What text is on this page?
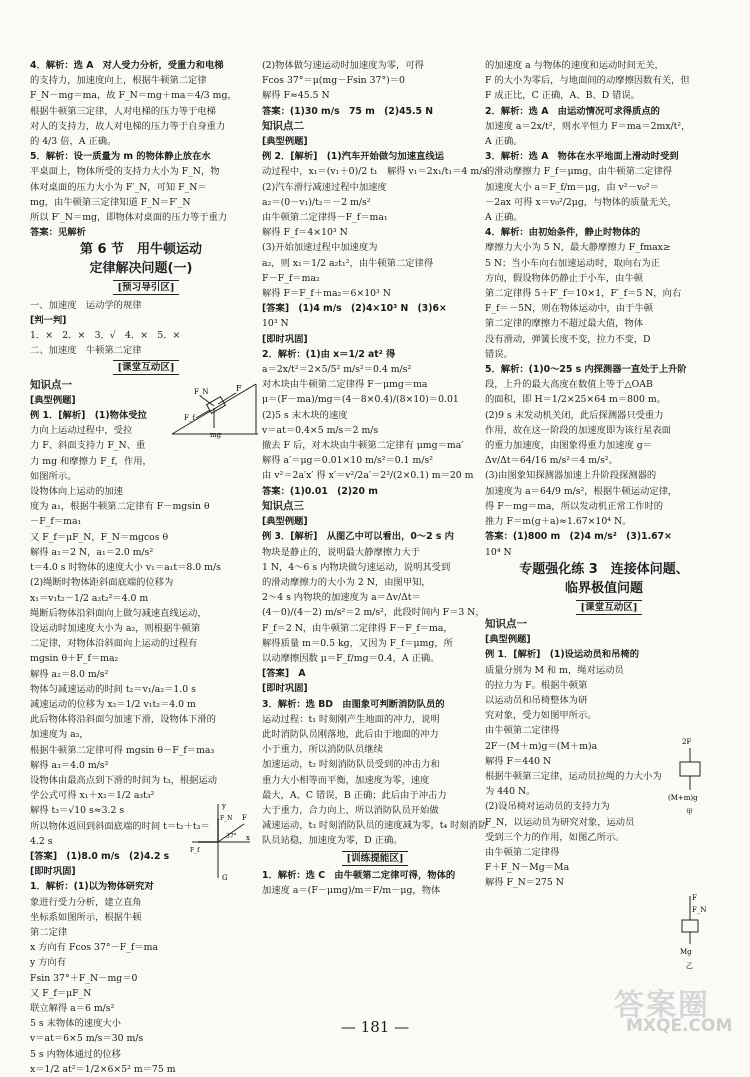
4．解析：选 A　对人受力分析，受重力和电梯
的支持力，加速度向上，根据牛顿第二定律
F_N－mg＝ma，故 F_N＝mg＋ma＝4/3 mg，
根据牛顿第三定律，人对电梯的压力等于电梯
对人的支持力，故人对电梯的压力等于自身重力
的 4/3 倍，A 正确。
5．解析：设一质量为 m 的物体静止放在水
平桌面上，物体所受的支持力大小为 F_N，物
体对桌面的压力大小为 F′_N，可知 F_N＝
mg，由牛顿第三定律知道 F_N＝F′_N
所以 F′_N＝mg，即物体对桌面的压力等于重力
答案：见解析
第 6 节　用牛顿运动
定律解决问题(一)
[预习导引区]
一、加速度　运动学的规律
[判一判]
1．×　2．×　3．√　4．×　5．×
二、加速度　牛顿第二定律
[课堂互动区]
知识点一
[典型例题]
例 1．[解析]　(1)物体受拉
力向上运动过程中，受拉
力 F、斜面支持力 F_N、重
力 mg 和摩擦力 F_f，作用，
如图所示。
设物体向上运动的加速
度为 a₁，根据牛顿第二定律有 F－mgsin θ
－F_f＝ma₁
又 F_f＝μF_N，F_N＝mgcos θ
解得 a₁＝2 N，a₁＝2.0 m/s²
t＝4.0 s 时物体的速度大小 v₁＝a₁t＝8.0 m/s
(2)绳断时物体距斜面底端的位移为
x₁＝v₁t₂－1/2 a₂t₂²＝4.0 m
绳断后物体沿斜面向上做匀减速直线运动，
设运动时加速度大小为 a₂，则根据牛顿第
二定律，对物体沿斜面向上运动的过程有
mgsin θ＋F_f＝ma₂
解得 a₂＝8.0 m/s²
物体匀减速运动的时间 t₂＝v₁/a₂＝1.0 s
减速运动的位移为 x₂＝1/2 v₁t₂＝4.0 m
此后物体将沿斜面匀加速下滑，设物体下滑的
加速度为 a₃，
根据牛顿第二定律可得 mgsin θ－F_f＝ma₃
解得 a₃＝4.0 m/s²
设物体由最高点到下滑的时间为 t₃，根据运动
学公式可得 x₁＋x₂＝1/2 a₃t₃²
解得 t₃＝√10 s≈3.2 s
所以物体返回到斜面底端的时间 t＝t₂＋t₃＝
4.2 s
[答案]　(1)8.0 m/s　(2)4.2 s
[即时巩固]
1．解析：(1)以为物体研究对
象进行受力分析，建立直角
坐标系如图所示，根据牛顿
第二定律
x 方向有 Fcos 37°－F_f＝ma
y 方向有
Fsin 37°＋F_N－mg＝0
又 F_f＝μF_N
联立解得 a＝6 m/s²
5 s 末物体的速度大小
v＝at＝6×5 m/s＝30 m/s
5 s 内物体通过的位移
x＝1/2 at²＝1/2×6×5² m＝75 m
(2)物体做匀速运动时加速度为零，可得
Fcos 37°＝μ(mg－Fsin 37°)＝0
解得 F≈45.5 N
答案：(1)30 m/s　75 m　(2)45.5 N
知识点二
[典型例题]
例 2．[解析]　(1)汽车开始做匀加速直线运
动过程中，x₁＝(v₁＋0)/2 t₁　解得 v₁＝2x₁/t₁＝4 m/s
(2)汽车滑行减速过程中加速度
a₂＝(0－v₁)/t₂＝－2 m/s²
由牛顿第二定律得－F_f＝ma₁
解得 F_f＝4×10³ N
(3)开始加速过程中加速度为
a₂，则 x₁＝1/2 a₂t₁²，由牛顿第二定律得
F－F_f＝ma₂
解得 F＝F_f＋ma₂＝6×10³ N
[答案]　(1)4 m/s　(2)4×10³ N　(3)6×
10³ N
[即时巩固]
2．解析：(1)由 x＝1/2 at² 得
a＝2x/t²＝2×5/5² m/s²＝0.4 m/s²
对木块由牛顿第二定律得 F－μmg＝ma
μ＝(F－ma)/mg＝(4－8×0.4)/(8×10)＝0.01
(2)5 s 末木块的速度
v＝at＝0.4×5 m/s＝2 m/s
撤去 F 后，对木块由牛顿第二定律有 μmg＝ma′
解得 a′＝μg＝0.01×10 m/s²＝0.1 m/s²
由 v²＝2a′x′ 得 x′＝v²/2a′＝2²/(2×0.1) m＝20 m
答案：(1)0.01　(2)20 m
知识点三
[典型例题]
例 3．[解析]　从图乙中可以看出，0～2 s 内
物块是静止的，说明最大静摩擦力大于
1 N，4～6 s 内物块做匀速运动，说明其受到
的滑动摩擦力的大小为 2 N，由图甲知，
2～4 s 内物块的加速度为 a＝Δv/Δt＝
(4－0)/(4－2) m/s²＝2 m/s²，此段时间内 F＝3 N，
F_f＝2 N，由牛顿第二定律得 F－F_f＝ma，
解得质量 m＝0.5 kg，又因为 F_f＝μmg，所
以动摩擦因数 μ＝F_f/mg＝0.4，A 正确。
[答案]　A
[即时巩固]
3．解析：选 BD　由图象可判断消防队员的
运动过程：t₁ 时刻刚产生地面的冲力，说明
此时消防队员刚落地，此后由于地面的冲力
小于重力，所以消防队员继续
加速运动，t₂ 时刻消防队员受到的冲击力和
重力大小相等而平衡，加速度为零，速度
最大，A、C 错误，B 正确；此后由于冲击力
大于重力，合力向上，所以消防队员开始做
减速运动，t₃ 时刻消防队员的速度减为零，t₄ 时刻消防
队员站稳，加速度为零，D 正确。
[训练提能区]
1．解析：选 C　由牛顿第二定律可得，物体的
加速度 a＝(F－μmg)/m＝F/m－μg，物体
的加速度 a 与物体的速度和运动时间无关，
F 的大小为零后，与地面间的动摩擦因数有关，但
F 成正比，C 正确，A、B、D 错误。
2．解析：选 A　由运动情况可求得质点的
加速度 a＝2x/t²，则水平恒力 F＝ma＝2mx/t²，
A 正确。
3．解析：选 A　物体在水平地面上滑动时受到
的滑动摩擦力 F_f＝μmg，由牛顿第二定律得
加速度大小 a＝F_f/m＝μg，由 v²－v₀²＝
－2ax 可得 x＝v₀²/2μg，与物体的质量无关，
A 正确。
4．解析：由初始条件，静止时物体的
摩擦力大小为 5 N，最大静摩擦力 F_fmax≥
5 N；当小车向右加速运动时，取向右为正
方向，假设物体仍静止于小车，由牛顿
第二定律得 5＋F′_f＝10×1，F′_f＝5 N，向右
F_f＝－5N，则在物体运动中，由于牛顿
第二定律的摩擦力不超过最大值，物体
没有滑动，弹簧长度不变，拉力不变，D
错误。
5．解析：(1)0～25 s 内探测器一直处于上升阶
段，上升的最大高度在数值上等于△OAB
的面积，即 H＝1/2×25×64 m＝800 m。
(2)9 s 末发动机关闭，此后探测器只受重力
作用，故在这一阶段的加速度即为该行星表面
的重力加速度，由图象得重力加速度 g＝
Δv/Δt＝64/16 m/s²＝4 m/s²。
(3)由图象知探测器加速上升阶段探测器的
加速度为 a＝64/9 m/s²，根据牛顿运动定律，
得 F－mg＝ma，所以发动机正常工作时的
推力 F＝m(g＋a)≈1.67×10⁴ N。
答案：(1)800 m　(2)4 m/s²　(3)1.67×
10⁴ N
专题强化练 3　连接体问题、
临界极值问题
[课堂互动区]
知识点一
[典型例题]
例 1．[解析]　(1)设运动员和吊椅的
质量分别为 M 和 m，绳对运动员
的拉力为 F。根据牛顿第
以运动员和吊椅整体为研
究对象，受力如图甲所示。
由牛顿第二定律得
2F－(M＋m)g＝(M＋m)a
解得 F＝440 N
根据牛顿第三定律，运动员拉绳的力大小为
为 440 N。
(2)设吊椅对运动员的支持力为
F_N，以运动员为研究对象，运动员
受到三个力的作用，如图乙所示。
由牛顿第二定律得
F＋F_N－Mg＝Ma
解得 F_N＝275 N
F
F_N
F_f
mg
y
x
F
37°
F_N
F_f
G
2F
(M+m)g
甲
F
F_N
Mg
乙
— 181 —
答案圈
MXQE.COM
